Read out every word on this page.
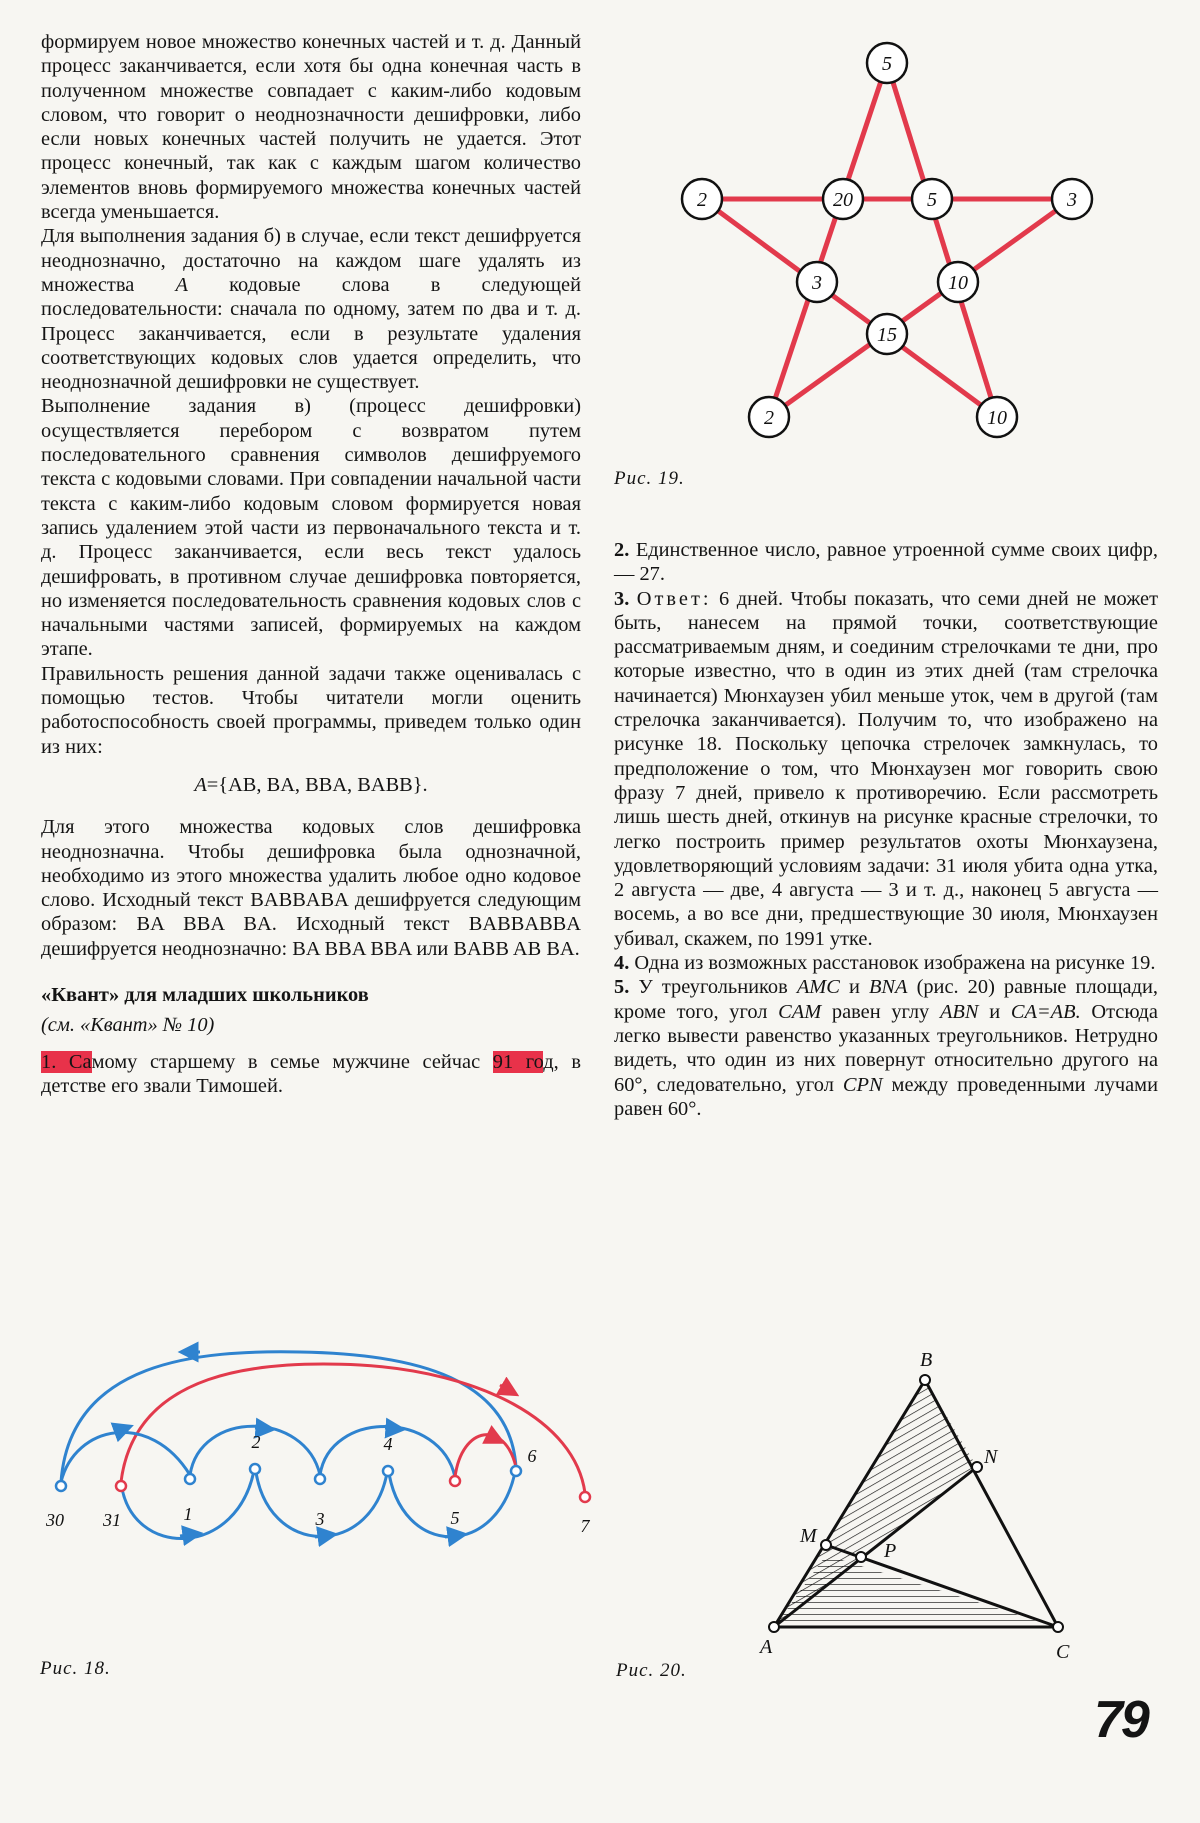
формируем новое множество конечных частей и т. д. Данный процесс заканчивается, если хотя бы одна конечная часть в полученном множестве совпадает с каким-либо кодовым словом, что говорит о неоднозначности дешифровки, либо если новых конечных частей получить не удается. Этот процесс конечный, так как с каждым шагом количество элементов вновь формируемого множества конечных частей всегда уменьшается.

Для выполнения задания б) в случае, если текст дешифруется неоднозначно, достаточно на каждом шаге удалять из множества A кодовые слова в следующей последовательности: сначала по одному, затем по два и т. д. Процесс заканчивается, если в результате удаления соответствующих кодовых слов удается определить, что неоднозначной дешифровки не существует.

Выполнение задания в) (процесс дешифровки) осуществляется перебором с возвратом путем последовательного сравнения символов дешифруемого текста с кодовыми словами. При совпадении начальной части текста с каким-либо кодовым словом формируется новая запись удалением этой части из первоначального текста и т. д. Процесс заканчивается, если весь текст удалось дешифровать, в противном случае дешифровка повторяется, но изменяется последовательность сравнения кодовых слов с начальными частями записей, формируемых на каждом этапе.

Правильность решения данной задачи также оценивалась с помощью тестов. Чтобы читатели могли оценить работоспособность своей программы, приведем только один из них:

A={AB, BA, BBA, BABB}.

Для этого множества кодовых слов дешифровка неоднозначна. Чтобы дешифровка была однозначной, необходимо из этого множества удалить любое одно кодовое слово. Исходный текст BABBABA дешифруется следующим образом: BA BBA BA. Исходный текст BABBABBA дешифруется неоднозначно: BA BBA BBA или BABB AB BA.

«Квант» для младших школьников

(см. «Квант» № 10)

1. Самому старшему в семье мужчине сейчас 91 год, в детстве его звали Тимошей.

2. Единственное число, равное утроенной сумме своих цифр,— 27.

3. Ответ: 6 дней. Чтобы показать, что семи дней не может быть, нанесем на прямой точки, соответствующие рассматриваемым дням, и соединим стрелочками те дни, про которые известно, что в один из этих дней (там стрелочка начинается) Мюнхаузен убил меньше уток, чем в другой (там стрелочка заканчивается). Получим то, что изображено на рисунке 18. Поскольку цепочка стрелочек замкнулась, то предположение о том, что Мюнхаузен мог говорить свою фразу 7 дней, привело к противоречию. Если рассмотреть лишь шесть дней, откинув на рисунке красные стрелочки, то легко построить пример результатов охоты Мюнхаузена, удовлетворяющий условиям задачи: 31 июля убита одна утка, 2 августа — две, 4 августа — 3 и т. д., наконец 5 августа — восемь, а во все дни, предшествующие 30 июля, Мюнхаузен убивал, скажем, по 1991 утке.

4. Одна из возможных расстановок изображена на рисунке 19.

5. У треугольников AMC и BNA (рис. 20) равные площади, кроме того, угол CAM равен углу ABN и CA=AB. Отсюда легко вывести равенство указанных треугольников. Нетрудно видеть, что один из них повернут относительно другого на 60°, следовательно, угол CPN между проведенными лучами равен 60°.

5
2	20	5	3
3	10
15
2	10
Рис. 19.
30 31	1
2
3
4
5
6
7
Рис. 18.
B
N
M
P
A	C
Рис. 20.
79
